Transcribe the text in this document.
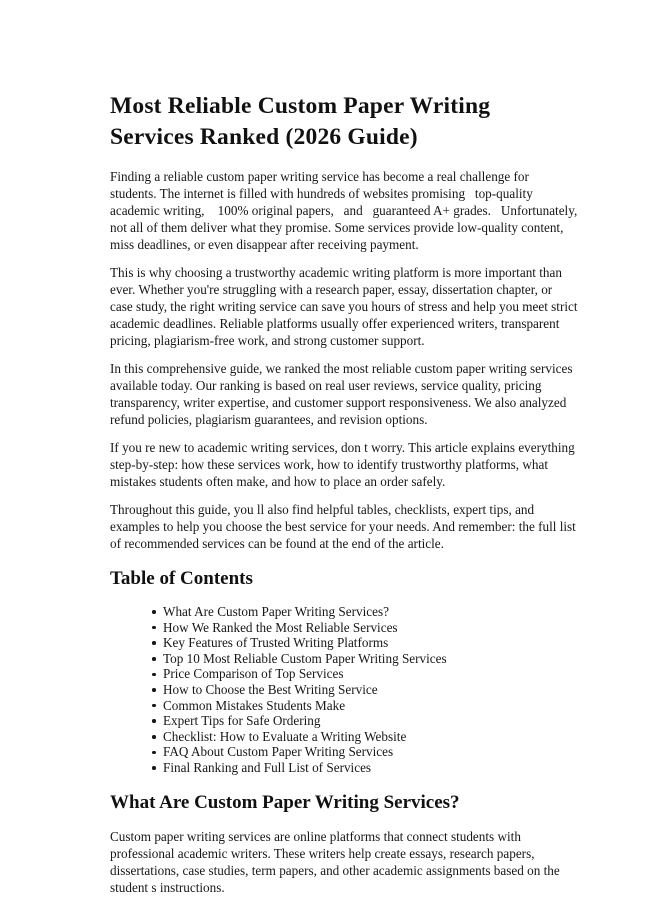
Most Reliable Custom Paper Writing Services Ranked (2026 Guide)

Finding a reliable custom paper writing service has become a real challenge for students. The internet is filled with hundreds of websites promising   top-quality academic writing,    100% original papers,   and   guaranteed A+ grades.   Unfortunately, not all of them deliver what they promise. Some services provide low-quality content, miss deadlines, or even disappear after receiving payment.

This is why choosing a trustworthy academic writing platform is more important than ever. Whether you're struggling with a research paper, essay, dissertation chapter, or case study, the right writing service can save you hours of stress and help you meet strict academic deadlines. Reliable platforms usually offer experienced writers, transparent pricing, plagiarism-free work, and strong customer support.

In this comprehensive guide, we ranked the most reliable custom paper writing services available today. Our ranking is based on real user reviews, service quality, pricing transparency, writer expertise, and customer support responsiveness. We also analyzed refund policies, plagiarism guarantees, and revision options.

If you re new to academic writing services, don t worry. This article explains everything step-by-step: how these services work, how to identify trustworthy platforms, what mistakes students often make, and how to place an order safely.

Throughout this guide, you ll also find helpful tables, checklists, expert tips, and examples to help you choose the best service for your needs. And remember: the full list of recommended services can be found at the end of the article.

Table of Contents
What Are Custom Paper Writing Services?
How We Ranked the Most Reliable Services
Key Features of Trusted Writing Platforms
Top 10 Most Reliable Custom Paper Writing Services
Price Comparison of Top Services
How to Choose the Best Writing Service
Common Mistakes Students Make
Expert Tips for Safe Ordering
Checklist: How to Evaluate a Writing Website
FAQ About Custom Paper Writing Services
Final Ranking and Full List of Services
What Are Custom Paper Writing Services?

Custom paper writing services are online platforms that connect students with professional academic writers. These writers help create essays, research papers, dissertations, case studies, term papers, and other academic assignments based on the student s instructions.
